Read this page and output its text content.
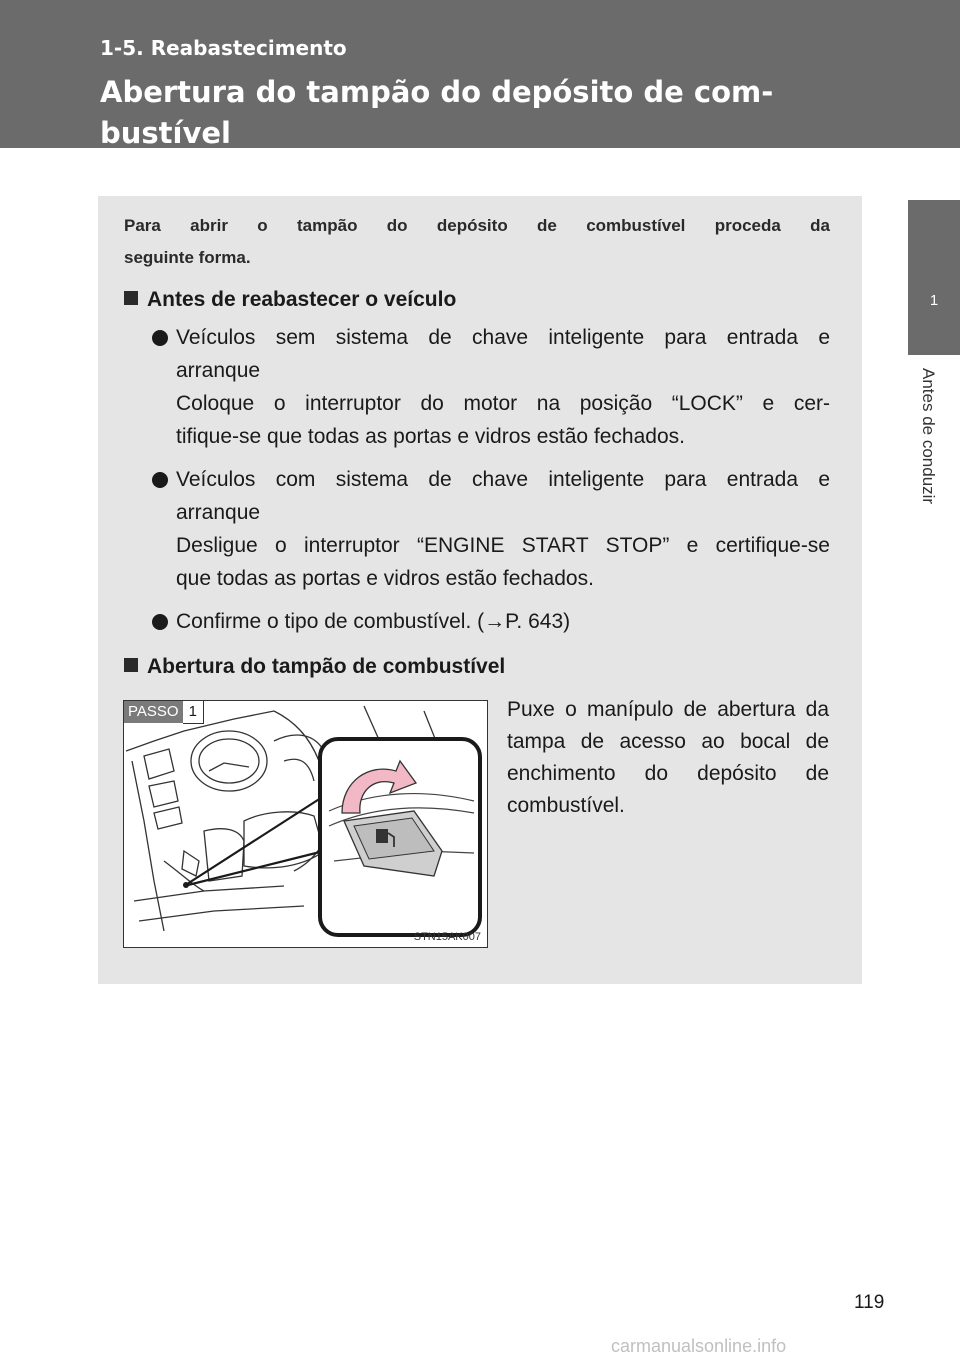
1-5. Reabastecimento
Abertura do tampão do depósito de com-
bustível
1
Antes de conduzir

Para abrir o tampão do depósito de combustível proceda da
seguinte forma.

Antes de reabastecer o veículo
Veículos sem sistema de chave inteligente para entrada e
arranque
Coloque o interruptor do motor na posição “LOCK” e cer-
tifique-se que todas as portas e vidros estão fechados.
Veículos com sistema de chave inteligente para entrada e
arranque
Desligue o interruptor “ENGINE START STOP” e certifique-se
que todas as portas e vidros estão fechados.
Confirme o tipo de combustível. (→P. 643)
Abertura do tampão de combustível
PASSO 1
STN15AK007

Puxe o manípulo de abertura da tampa de acesso ao bocal de enchimento do depósito de combustível.

119
carmanualsonline.info
